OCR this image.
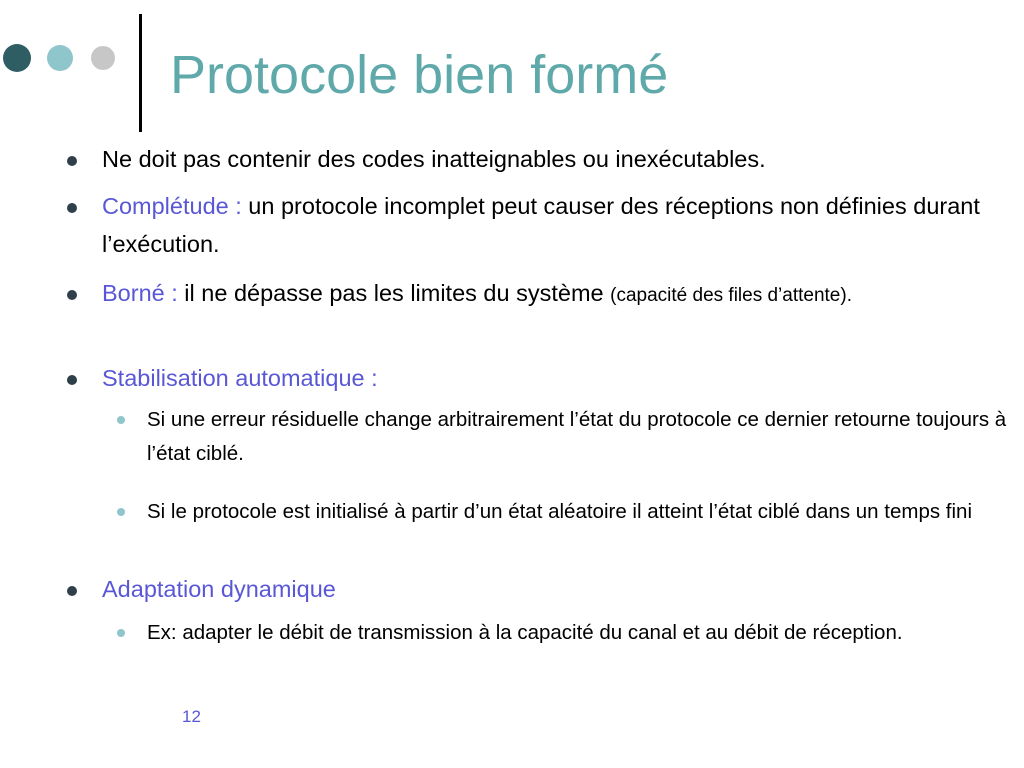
Protocole bien formé
Ne doit pas contenir des codes inatteignables ou inexécutables.
Complétude : un protocole incomplet peut causer des réceptions non définies durant l’exécution.
Borné : il ne dépasse pas les limites du système (capacité des files d’attente).
Stabilisation automatique :
Si une erreur résiduelle change arbitrairement l’état du protocole ce dernier retourne toujours à l’état ciblé.
Si le protocole est initialisé à partir d’un état aléatoire il atteint l’état ciblé dans un temps fini
Adaptation dynamique
Ex: adapter le débit de transmission à la capacité du canal et au débit de réception.
12
